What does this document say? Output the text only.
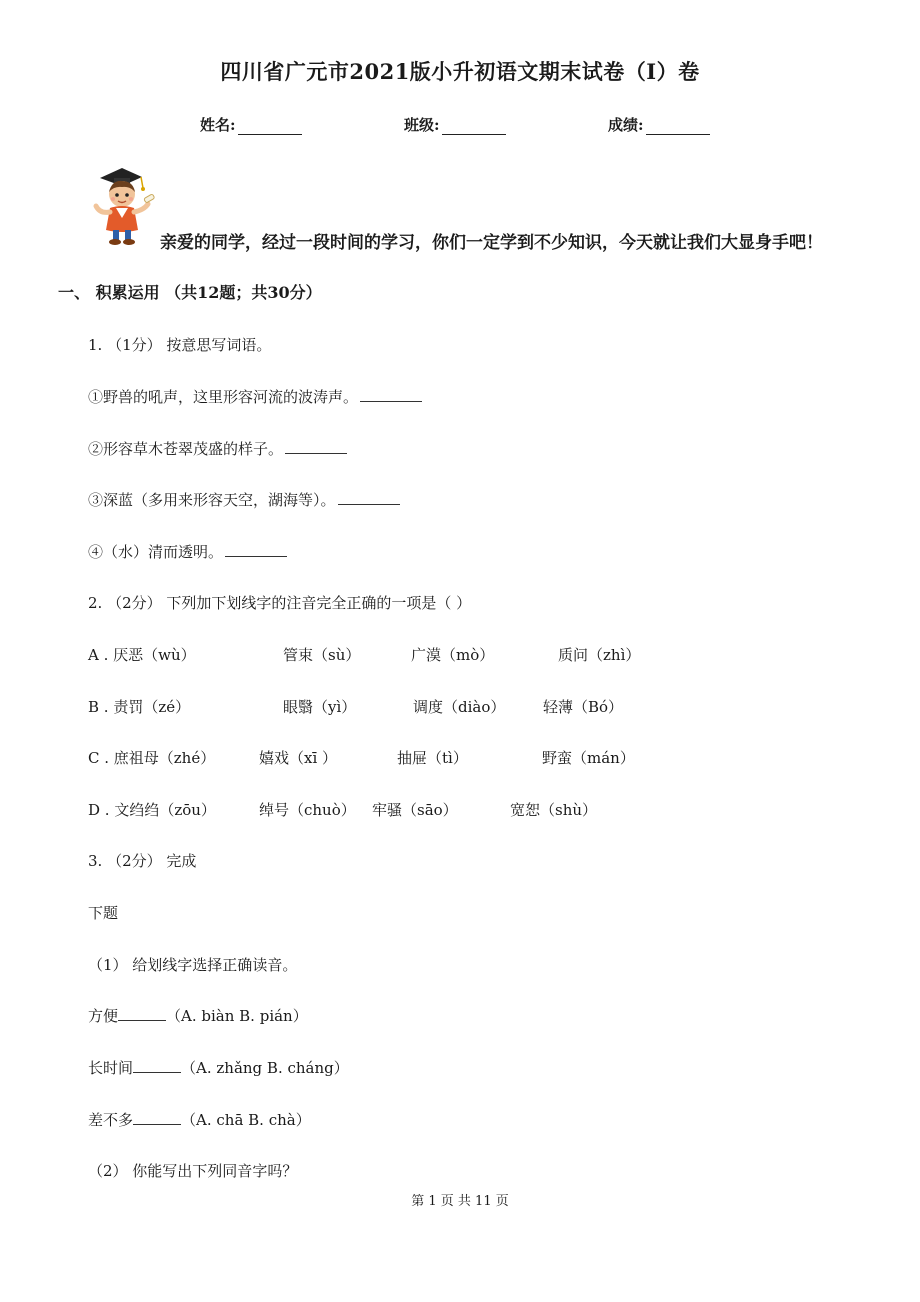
四川省广元市2021版小升初语文期末试卷（I）卷
姓名:	班级:	成绩:
亲爱的同学，经过一段时间的学习，你们一定学到不少知识，今天就让我们大显身手吧！
一、 积累运用 （共12题；共30分）
1. （1分） 按意思写词语。
①野兽的吼声，这里形容河流的波涛声。
②形容草木苍翠茂盛的样子。
③深蓝（多用来形容天空，湖海等）。
④（水）清而透明。
2. （2分） 下列加下划线字的注音完全正确的一项是（ ）
A . 厌恶（wù）	管束（sù）	广漠（mò）	质问（zhì）
B . 责罚（zé）	眼翳（yì）	调度（diào）	轻薄（Bó）
C . 庶祖母（zhé）	嬉戏（xī ）	抽屉（tì）	野蛮（mán）
D . 文绉绉（zōu）	绰号（chuò） 牢骚（sāo）	宽恕（shù）
3. （2分） 完成
下题
（1） 给划线字选择正确读音。
方便	（A. biàn B. pián）
长时间	（A. zhǎng B. cháng）
差不多	（A. chā B. chà）
（2） 你能写出下列同音字吗？
第 1 页 共 11 页
